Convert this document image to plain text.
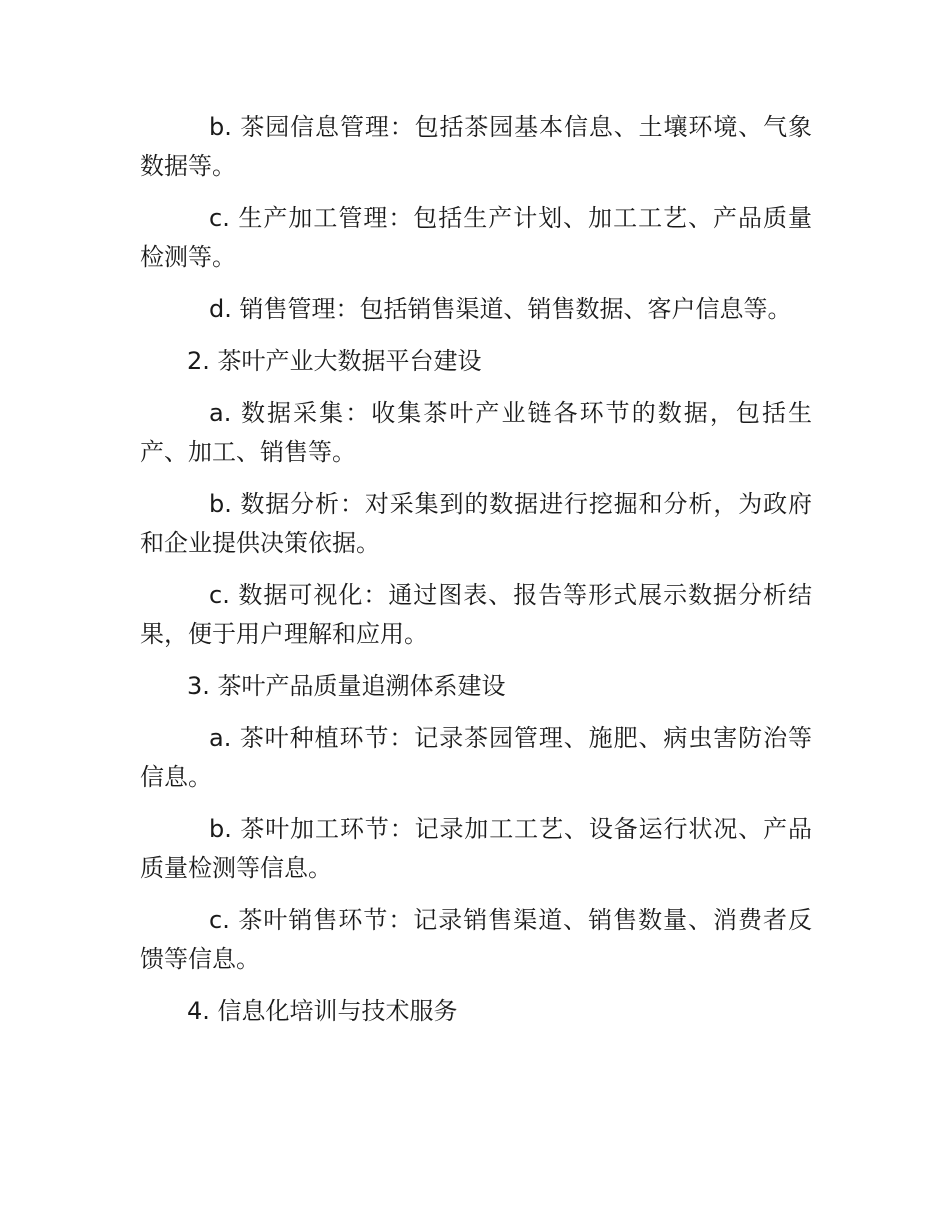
b. 茶园信息管理：包括茶园基本信息、土壤环境、气象数据等。

c. 生产加工管理：包括生产计划、加工工艺、产品质量检测等。

d. 销售管理：包括销售渠道、销售数据、客户信息等。

2. 茶叶产业大数据平台建设

a. 数据采集：收集茶叶产业链各环节的数据，包括生产、加工、销售等。

b. 数据分析：对采集到的数据进行挖掘和分析，为政府和企业提供决策依据。

c. 数据可视化：通过图表、报告等形式展示数据分析结果，便于用户理解和应用。

3. 茶叶产品质量追溯体系建设

a. 茶叶种植环节：记录茶园管理、施肥、病虫害防治等信息。

b. 茶叶加工环节：记录加工工艺、设备运行状况、产品质量检测等信息。

c. 茶叶销售环节：记录销售渠道、销售数量、消费者反馈等信息。

4. 信息化培训与技术服务
